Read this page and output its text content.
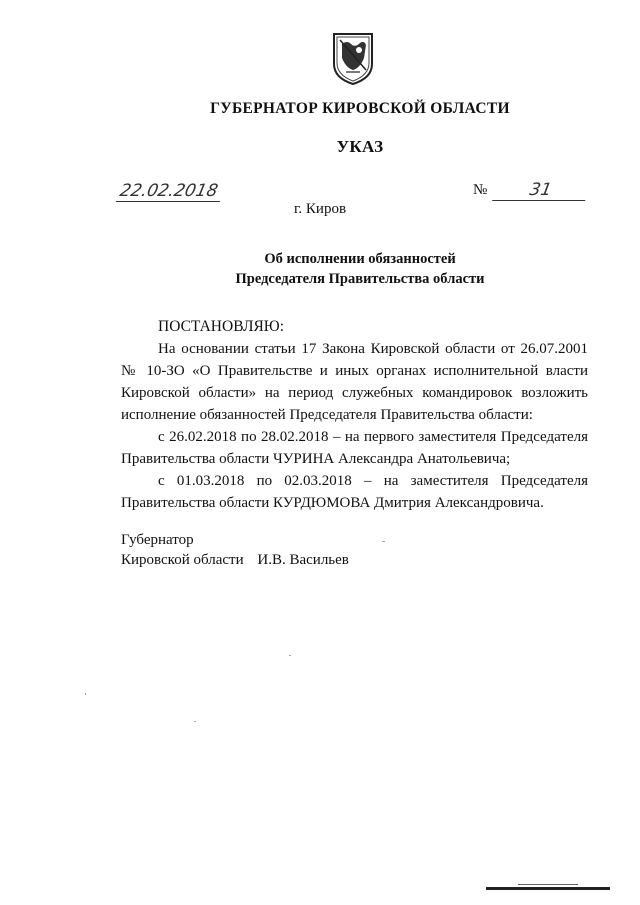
ГУБЕРНАТОР КИРОВСКОЙ ОБЛАСТИ
УКАЗ
22.02.2018	№	31
г. Киров
Об исполнении обязанностей
Председателя Правительства области
ПОСТАНОВЛЯЮ:
На основании статьи 17 Закона Кировской области от 26.07.2001
№ 10-ЗО «О Правительстве и иных органах исполнительной власти
Кировской области» на период служебных командировок возложить
исполнение обязанностей Председателя Правительства области:
с 26.02.2018 по 28.02.2018 – на первого заместителя Председателя
Правительства области ЧУРИНА Александра Анатольевича;
с 01.03.2018 по 02.03.2018 – на заместителя Председателя
Правительства области КУРДЮМОВА Дмитрия Александровича.
Губернатор
Кировской области И.В. Васильев
